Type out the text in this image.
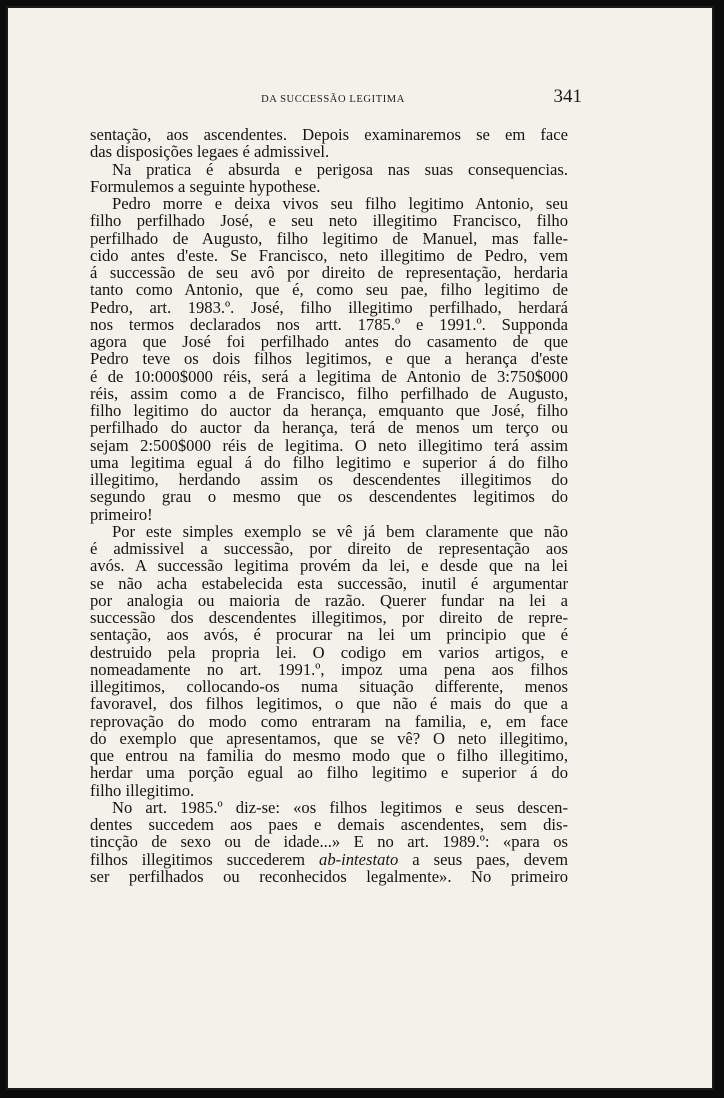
DA SUCCESSÃO LEGITIMA	341

sentação, aos ascendentes. Depois examinaremos se em face
das disposições legaes é admissivel.

Na pratica é absurda e perigosa nas suas consequencias.
Formulemos a seguinte hypothese.

Pedro morre e deixa vivos seu filho legitimo Antonio, seu
filho perfilhado José, e seu neto illegitimo Francisco, filho
perfilhado de Augusto, filho legitimo de Manuel, mas falle-
cido antes d'este. Se Francisco, neto illegitimo de Pedro, vem
á successão de seu avô por direito de representação, herdaria
tanto como Antonio, que é, como seu pae, filho legitimo de
Pedro, art. 1983.º. José, filho illegitimo perfilhado, herdará
nos termos declarados nos artt. 1785.º e 1991.º. Supponda
agora que José foi perfilhado antes do casamento de que
Pedro teve os dois filhos legitimos, e que a herança d'este
é de 10:000$000 réis, será a legitima de Antonio de 3:750$000
réis, assim como a de Francisco, filho perfilhado de Augusto,
filho legitimo do auctor da herança, emquanto que José, filho
perfilhado do auctor da herança, terá de menos um terço ou
sejam 2:500$000 réis de legitima. O neto illegitimo terá assim
uma legitima egual á do filho legitimo e superior á do filho
illegitimo, herdando assim os descendentes illegitimos do
segundo grau o mesmo que os descendentes legitimos do
primeiro!

Por este simples exemplo se vê já bem claramente que não
é admissivel a successão, por direito de representação aos
avós. A successão legitima provém da lei, e desde que na lei
se não acha estabelecida esta successão, inutil é argumentar
por analogia ou maioria de razão. Querer fundar na lei a
successão dos descendentes illegitimos, por direito de repre-
sentação, aos avós, é procurar na lei um principio que é
destruido pela propria lei. O codigo em varios artigos, e
nomeadamente no art. 1991.º, impoz uma pena aos filhos
illegitimos, collocando-os numa situação differente, menos
favoravel, dos filhos legitimos, o que não é mais do que a
reprovação do modo como entraram na familia, e, em face
do exemplo que apresentamos, que se vê? O neto illegitimo,
que entrou na familia do mesmo modo que o filho illegitimo,
herdar uma porção egual ao filho legitimo e superior á do
filho illegitimo.

No art. 1985.º diz-se: «os filhos legitimos e seus descen-
dentes succedem aos paes e demais ascendentes, sem dis-
tincção de sexo ou de idade...» E no art. 1989.º: «para os
filhos illegitimos succederem ab-intestato a seus paes, devem
ser perfilhados ou reconhecidos legalmente». No primeiro
